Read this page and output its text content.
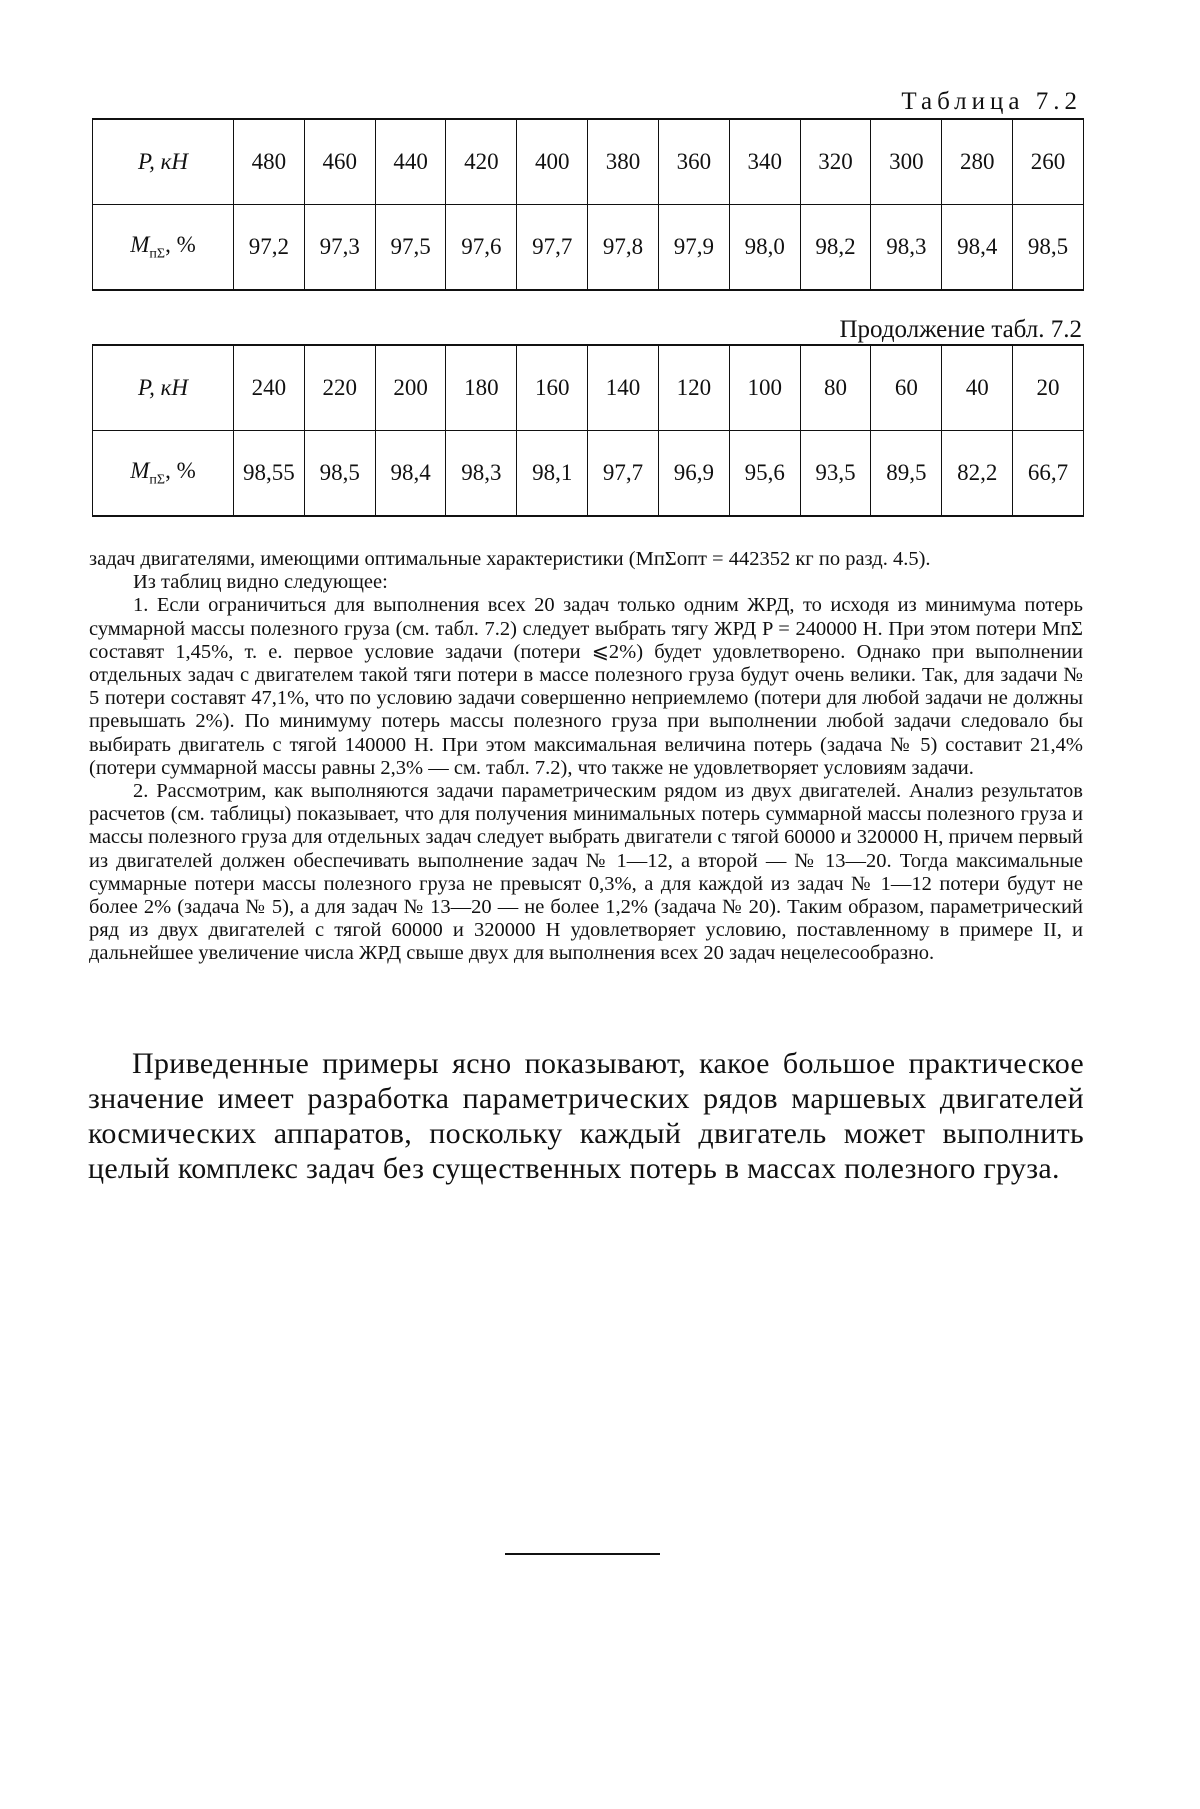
Таблица 7.2
P, кН	480	460	440	420	400	380	360	340	320	300	280	260
$М_{п\Sigma}$, %	97,2	97,3	97,5	97,6	97,7	97,8	97,9	98,0	98,2	98,3	98,4	98,5
Продолжение табл. 7.2
P, кН	240	220	200	180	160	140	120	100	80	60	40	20
$М_{п\Sigma}$, %	98,55	98,5	98,4	98,3	98,1	97,7	96,9	95,6	93,5	89,5	82,2	66,7

задач двигателями, имеющими оптимальные характеристики (МпΣопт = 442352 кг по разд. 4.5).

Из таблиц видно следующее:

1. Если ограничиться для выполнения всех 20 задач только одним ЖРД, то исходя из минимума потерь суммарной массы полезного груза (см. табл. 7.2) следует выбрать тягу ЖРД P = 240000 Н. При этом потери МпΣ составят 1,45%, т. е. первое условие задачи (потери ⩽2%) будет удовлетворено. Однако при выполнении отдельных задач с двигателем такой тяги потери в массе полезного груза будут очень велики. Так, для задачи № 5 потери составят 47,1%, что по условию задачи совершенно неприемлемо (потери для любой задачи не должны превышать 2%). По минимуму потерь массы полезного груза при выполнении любой задачи следовало бы выбирать двигатель с тягой 140000 Н. При этом максимальная величина потерь (задача № 5) составит 21,4% (потери суммарной массы равны 2,3% — см. табл. 7.2), что также не удовлетворяет условиям задачи.

2. Рассмотрим, как выполняются задачи параметрическим рядом из двух двигателей. Анализ результатов расчетов (см. таблицы) показывает, что для получения минимальных потерь суммарной массы полезного груза и массы полезного груза для отдельных задач следует выбрать двигатели с тягой 60000 и 320000 Н, причем первый из двигателей должен обеспечивать выполнение задач № 1—12, а второй — № 13—20. Тогда максимальные суммарные потери массы полезного груза не превысят 0,3%, а для каждой из задач № 1—12 потери будут не более 2% (задача № 5), а для задач № 13—20 — не более 1,2% (задача № 20). Таким образом, параметрический ряд из двух двигателей с тягой 60000 и 320000 Н удовлетворяет условию, поставленному в примере II, и дальнейшее увеличение числа ЖРД свыше двух для выполнения всех 20 задач нецелесообразно.

Приведенные примеры ясно показывают, какое большое практическое значение имеет разработка параметрических рядов маршевых двигателей космических аппаратов, поскольку каждый двигатель может выполнить целый комплекс задач без существенных потерь в массах полезного груза.
